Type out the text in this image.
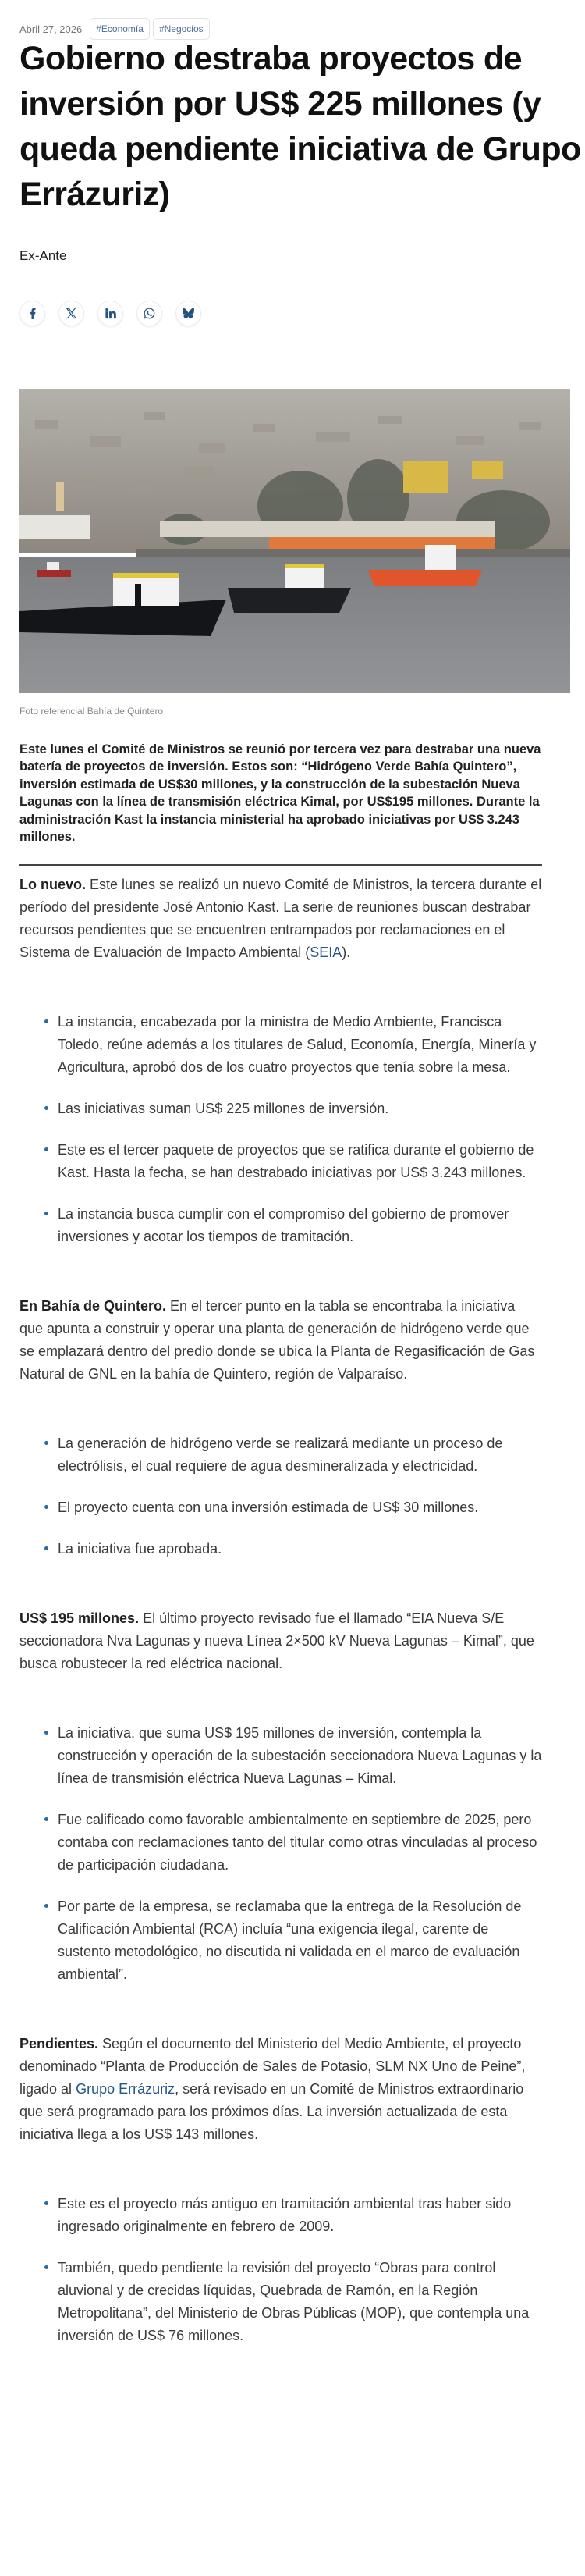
Abril 27, 2026	#Economía	#Negocios
Gobierno destraba proyectos de inversión por US$ 225 millones (y queda pendiente iniciativa de Grupo Errázuriz)
Ex-Ante
Foto referencial Bahía de Quintero
Este lunes el Comité de Ministros se reunió por tercera vez para destrabar una nueva batería de proyectos de inversión. Estos son: “Hidrógeno Verde Bahía Quintero”, inversión estimada de US$30 millones, y la construcción de la subestación Nueva Lagunas con la línea de transmisión eléctrica Kimal, por US$195 millones. Durante la administración Kast la instancia ministerial ha aprobado iniciativas por US$ 3.243 millones.

Lo nuevo. Este lunes se realizó un nuevo Comité de Ministros, la tercera durante el período del presidente José Antonio Kast. La serie de reuniones buscan destrabar recursos pendientes que se encuentren entrampados por reclamaciones en el Sistema de Evaluación de Impacto Ambiental (SEIA).

La instancia, encabezada por la ministra de Medio Ambiente, Francisca Toledo, reúne además a los titulares de Salud, Economía, Energía, Minería y Agricultura, aprobó dos de los cuatro proyectos que tenía sobre la mesa.
Las iniciativas suman US$ 225 millones de inversión.
Este es el tercer paquete de proyectos que se ratifica durante el gobierno de Kast. Hasta la fecha, se han destrabado iniciativas por US$ 3.243 millones.
La instancia busca cumplir con el compromiso del gobierno de promover inversiones y acotar los tiempos de tramitación.

En Bahía de Quintero. En el tercer punto en la tabla se encontraba la iniciativa que apunta a construir y operar una planta de generación de hidrógeno verde que se emplazará dentro del predio donde se ubica la Planta de Regasificación de Gas Natural de GNL en la bahía de Quintero, región de Valparaíso.

La generación de hidrógeno verde se realizará mediante un proceso de electrólisis, el cual requiere de agua desmineralizada y electricidad.
El proyecto cuenta con una inversión estimada de US$ 30 millones.
La iniciativa fue aprobada.

US$ 195 millones. El último proyecto revisado fue el llamado “EIA Nueva S/E seccionadora Nva Lagunas y nueva Línea 2×500 kV Nueva Lagunas – Kimal”, que busca robustecer la red eléctrica nacional.

La iniciativa, que suma US$ 195 millones de inversión, contempla la construcción y operación de la subestación seccionadora Nueva Lagunas y la línea de transmisión eléctrica Nueva Lagunas – Kimal.
Fue calificado como favorable ambientalmente en septiembre de 2025, pero contaba con reclamaciones tanto del titular como otras vinculadas al proceso de participación ciudadana.
Por parte de la empresa, se reclamaba que la entrega de la Resolución de Calificación Ambiental (RCA) incluía “una exigencia ilegal, carente de sustento metodológico, no discutida ni validada en el marco de evaluación ambiental”.

Pendientes. Según el documento del Ministerio del Medio Ambiente, el proyecto denominado “Planta de Producción de Sales de Potasio, SLM NX Uno de Peine”, ligado al Grupo Errázuriz, será revisado en un Comité de Ministros extraordinario que será programado para los próximos días. La inversión actualizada de esta iniciativa llega a los US$ 143 millones.

Este es el proyecto más antiguo en tramitación ambiental tras haber sido ingresado originalmente en febrero de 2009.
También, quedo pendiente la revisión del proyecto “Obras para control aluvional y de crecidas líquidas, Quebrada de Ramón, en la Región Metropolitana”, del Ministerio de Obras Públicas (MOP), que contempla una inversión de US$ 76 millones.
